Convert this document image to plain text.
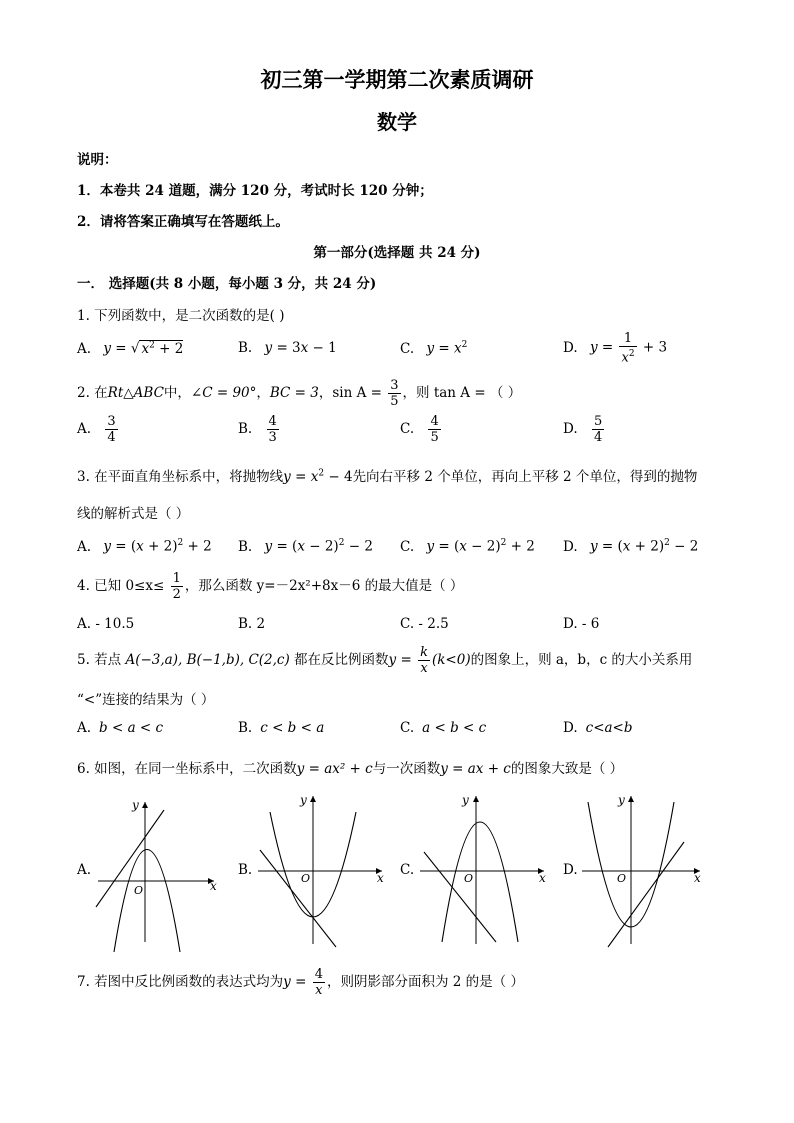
初三第一学期第二次素质调研
数学
说明：
1．本卷共 24 道题，满分 120 分，考试时长 120 分钟；
2．请将答案正确填写在答题纸上。
第一部分(选择题 共 24 分)
一． 选择题(共 8 小题，每小题 3 分，共 24 分)
1. 下列函数中，是二次函数的是( )
A. y = √ $x^2 + 2$	B. y = 3x − 1	C. $y = x^2$	D. $y = \frac{1}{x^2} + 3$
2. 在Rt△ABC中，∠C = 90°，BC = 3，$\sin A = \frac{3}{5}$ ，则 tan A = （ ）
A. $\frac{3}{4}$	B. $\frac{4}{3}$	C. $\frac{4}{5}$	D. $\frac{5}{4}$
3. 在平面直角坐标系中，将抛物线$y = x^2 - 4$先向右平移 2 个单位，再向上平移 2 个单位，得到的抛物
线的解析式是（ ）
A. $y = (x + 2)^2 + 2$ B. $y = (x - 2)^2 - 2$ C. $y = (x - 2)^2 + 2$ D. $y = (x + 2)^2 - 2$
4. 已知 $0\le x\le \frac{1}{2}$ ，那么函数 y=－2x²+8x－6 的最大值是（ ）
A. - 10.5	B. 2	C. - 2.5	D. - 6
5. 若点 A(−3,a), B(−1,b), C(2,c) 都在反比例函数$y = \frac{k}{x} (k<0)$的图象上，则 a，b，c 的大小关系用
“<”连接的结果为（ ）
A. b < a < c	B. c < b < a	C. a < b < c	D. c<a<b
6. 如图，在同一坐标系中，二次函数y = ax² + c与一次函数y = ax + c的图象大致是（ ）
A.	B.	C.	D.
y
x
O
y
x
O
y
x
O
y
x
O
7. 若图中反比例函数的表达式均为$y = \frac{4}{x}$ ，则阴影部分面积为 2 的是（ ）
